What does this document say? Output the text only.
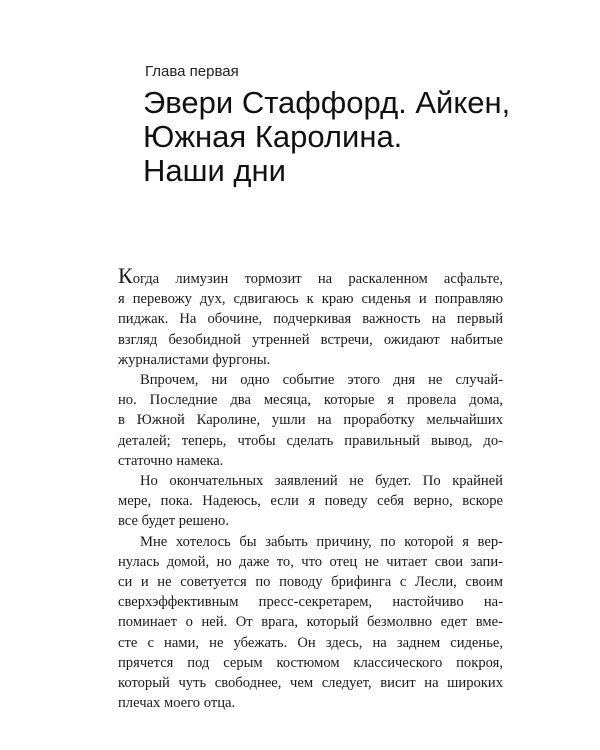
Глава первая

Эвери Стаффорд. Айкен,
Южная Каролина.
Наши дни

Когда лимузин тормозит на раскаленном асфальте,
я перевожу дух, сдвигаюсь к краю сиденья и поправляю
пиджак. На обочине, подчеркивая важность на первый
взгляд безобидной утренней встречи, ожидают набитые
журналистами фургоны.

Впрочем, ни одно событие этого дня не случай-
но. Последние два месяца, которые я провела дома,
в Южной Каролине, ушли на проработку мельчайших
деталей; теперь, чтобы сделать правильный вывод, до-
статочно намека.

Но окончательных заявлений не будет. По крайней
мере, пока. Надеюсь, если я поведу себя верно, вскоре
все будет решено.

Мне хотелось бы забыть причину, по которой я вер-
нулась домой, но даже то, что отец не читает свои запи-
си и не советуется по поводу брифинга с Лесли, своим
сверхэффективным пресс-секретарем, настойчиво на-
поминает о ней. От врага, который безмолвно едет вме-
сте с нами, не убежать. Он здесь, на заднем сиденье,
прячется под серым костюмом классического покроя,
который чуть свободнее, чем следует, висит на широких
плечах моего отца.
